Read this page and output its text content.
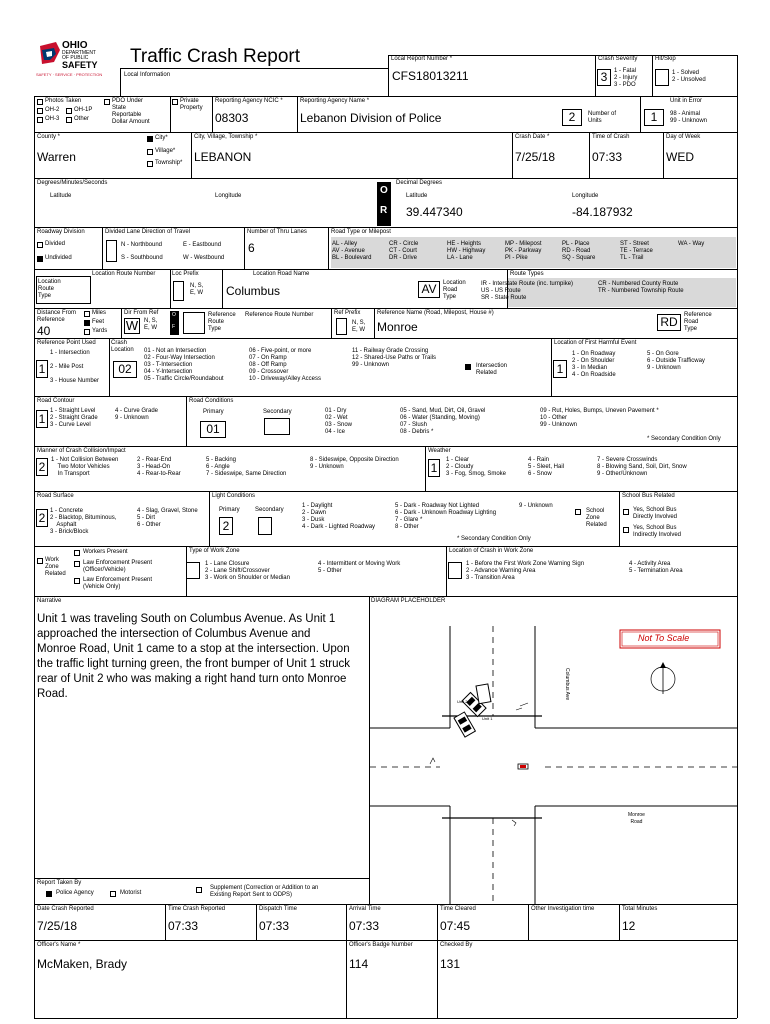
OHIO
DEPARTMENT
OF PUBLIC
SAFETY
SAFETY · SERVICE · PROTECTION
Traffic Crash Report
Local Information
Local Report Number *
CFS18013211
Crash Severity
3	1 - Fatal
2 - Injury
3 - PDO
Hit/Skip
1 - Solved
2 - Unsolved
Photos Taken
OH-2 OH-1P
OH-3 Other
PDO Under
State
Reportable
Dollar Amount
Private
Property
Reporting Agency NCIC *
08303
Reporting Agency Name *
Lebanon Division of Police	2	Number of
Units
Unit in Error
1	98 - Animal
99 - Unknown
County *
Warren
City*
Village*
Township*
City, Village, Township *
LEBANON
Crash Date *
7/25/18
Time of Crash
07:33
Day of Week
WED
Degrees/Minutes/Seconds
Latitude	Longitude	O
R
Decimal Degrees
Latitude	Longitude
39.447340	-84.187932
Roadway Division
Divided
Undivided
Divided Lane Direction of Travel
N - Northbound	E - Eastbound
S - Southbound	W - Westbound
Number of Thru Lanes
6
Road Type or Milepost
AL - Alley
AV - Avenue
BL - Boulevard
CR - Circle
CT - Court
DR - Drive
HE - Heights
HW - Highway
LA - Lane
MP - Milepost
PK - Parkway
PI - Pike
PL - Place
RD - Road
SQ - Square
ST - Street
TE - Terrace
TL - Trail
WA - Way
Location
Route
Type
Location Route Number	Loc Prefix
N, S,
E, W
Location Road Name
Columbus	AV	Location
Road
Type
Route Types
IR - Interstate Route (inc. turnpike)
US - US Route
SR - State Route
CR - Numbered County Route
TR - Numbered Township Route
Distance From
Reference
Miles
Feet
Yards
40
Dir From Ref
W N, S,
E, W
O
F
Reference
Route
Type
Reference Route Number	Ref Prefix
N, S,
E, W
Reference Name (Road, Milepost, House #)
Monroe	RD	Reference
Road
Type
Reference Point Used
1
1 - Intersection

2 - Mile Post

3 - House Number
Crash
Location
02
01 - Not an Intersection
02 - Four-Way Intersection
03 - T-Intersection
04 - Y-Intersection
05 - Traffic Circle/Roundabout
06 - Five-point, or more
07 - On Ramp
08 - Off Ramp
09 - Crossover
10 - Driveway/Alley Access
11 - Railway Grade Crossing
12 - Shared-Use Paths or Trails
99 - Unknown	Intersection
Related
Location of First Harmful Event
1
1 - On Roadway
2 - On Shoulder
3 - In Median
4 - On Roadside
5 - On Gore
6 - Outside Trafficway
9 - Unknown
Road Contour
1
1 - Straight Level
2 - Straight Grade
3 - Curve Level
4 - Curve Grade
9 - Unknown
Road Conditions
Primary	Secondary
01
01 - Dry
02 - Wet
03 - Snow
04 - Ice
05 - Sand, Mud, Dirt, Oil, Gravel
06 - Water (Standing, Moving)
07 - Slush
08 - Debris *
09 - Rut, Holes, Bumps, Uneven Pavement *
10 - Other
99 - Unknown
* Secondary Condition Only
Manner of Crash Collision/Impact
2 1 - Not Collision Between
Two Motor Vehicles
In Transport
2 - Rear-End
3 - Head-On
4 - Rear-to-Rear
5 - Backing
6 - Angle
7 - Sideswipe, Same Direction
8 - Sideswipe, Opposite Direction
9 - Unknown
Weather
1
1 - Clear
2 - Cloudy
3 - Fog, Smog, Smoke
4 - Rain
5 - Sleet, Hail
6 - Snow
7 - Severe Crosswinds
8 - Blowing Sand, Soil, Dirt, Snow
9 - Other/Unknown
Road Surface
2 1 - Concrete
2 - Blacktop, Bituminous,
Asphalt
3 - Brick/Block
4 - Slag, Gravel, Stone
5 - Dirt
6 - Other
Light Conditions
Primary	Secondary
2
1 - Daylight
2 - Dawn
3 - Dusk
4 - Dark - Lighted Roadway
5 - Dark - Roadway Not Lighted
6 - Dark - Unknown Roadway Lighting
7 - Glare *
8 - Other
9 - Unknown
* Secondary Condition Only
School
Zone
Related
School Bus Related
Yes, School Bus
Directly Involved
Yes, School Bus
Indirectly Involved
Work
Zone
Related
Workers Present
Law Enforcement Present
(Officer/Vehicle)
Law Enforcement Present
(Vehicle Only)
Type of Work Zone
1 - Lane Closure
2 - Lane Shift/Crossover
3 - Work on Shoulder or Median
4 - Intermittent or Moving Work
5 - Other
Location of Crash in Work Zone
1 - Before the First Work Zone Warning Sign
2 - Advance Warning Area
3 - Transition Area
4 - Activity Area
5 - Termination Area
Narrative
Unit 1 was traveling South on Columbus Avenue. As Unit 1
approached the intersection of Columbus Avenue and
Monroe Road, Unit 1 came to a stop at the intersection. Upon
the traffic light turning green, the front bumper of Unit 1 struck
rear of Unit 2 who was making a right hand turn onto Monroe
Road.
DIAGRAM PLACEHOLDER
Not To Scale
Columbus Ave
Monroe
Road
Unit 1
Unit 2
Report Taken By
Police Agency	Motorist
Supplement (Correction or Addition to an
Existing Report Sent to ODPS)
Date Crash Reported
7/25/18
Time Crash Reported
07:33
Dispatch Time
07:33
Arrival Time
07:33
Time Cleared
07:45
Other Investigation time	Total Minutes
12
Officer's Name *
McMaken, Brady
Officer's Badge Number
114
Checked By
131
